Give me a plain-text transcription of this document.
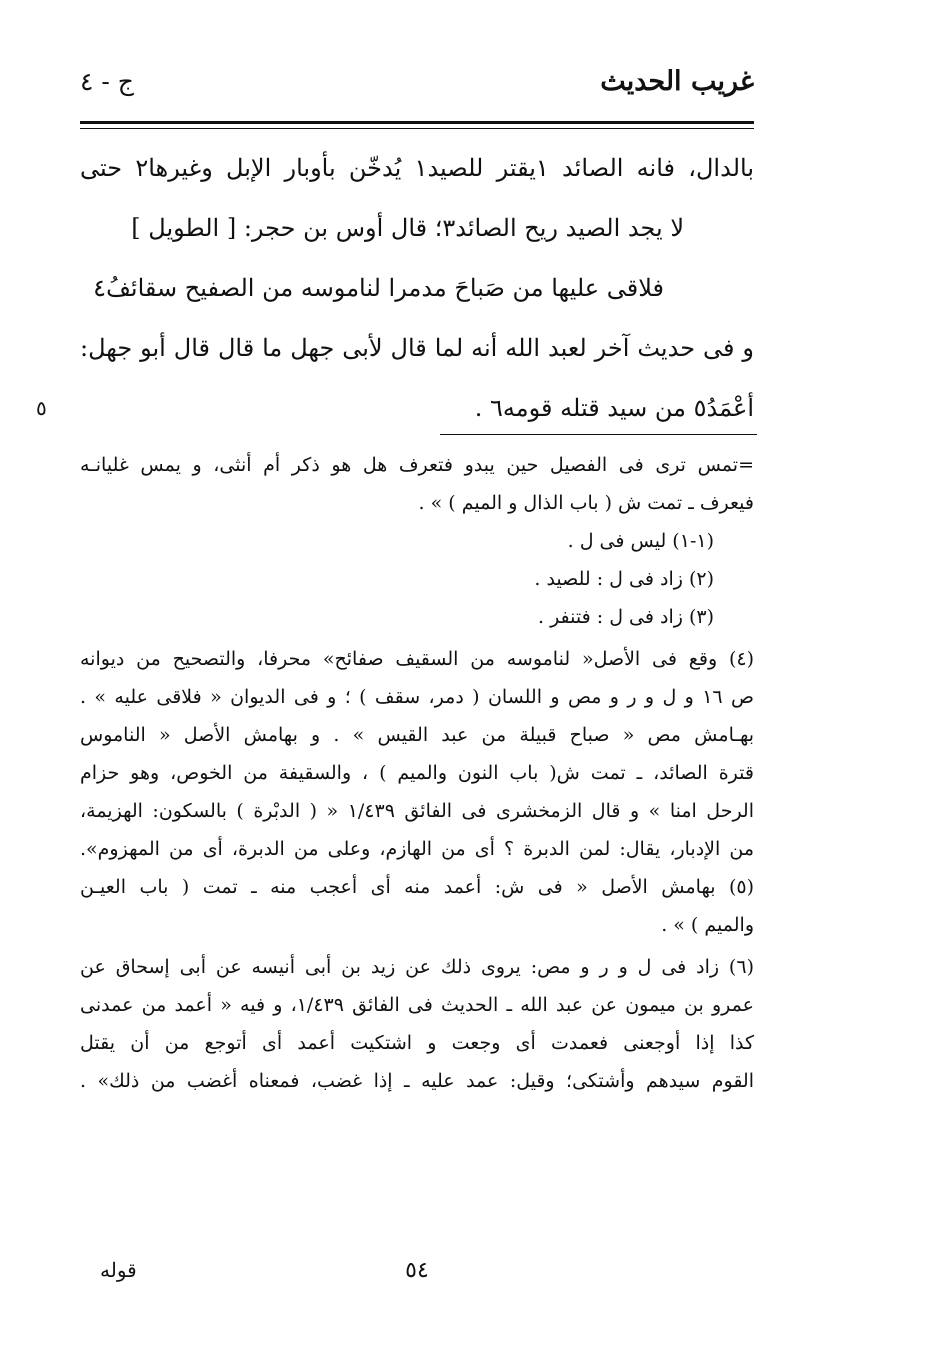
غريب الحديث
ج - ٤
بالدال، فانه الصائد ١يقتر للصيد١ يُدخّن بأوبار الإبل وغيرها٢ حتى
لا يجد الصيد ريح الصائد٣؛ قال أوس بن حجر: [ الطويل ]
فلاقى عليها من صَباحَ مدمرا لناموسه من الصفيح سقائفُ٤
و فى حديث آخر لعبد الله أنه لما قال لأبى جهل ما قال قال أبو جهل:
أعْمَدُ٥ من سيد قتله قومه٦ .
٥
=تمس ترى فى الفصيل حين يبدو فتعرف هل هو ذكر أم أنثى، و يمس غليانـه
فيعرف ـ تمت ش ( باب الذال و الميم ) » .
(١-١) ليس فى ل .
(٢) زاد فى ل : للصيد .
(٣) زاد فى ل : فتنفر .
(٤) وقع فى الأصل« لناموسه من السقيف صفائح» محرفا، والتصحيح من ديوانه
ص ١٦ و ل و ر و مص و اللسان ( دمر، سقف ) ؛ و فى الديوان « فلاقى عليه » .
بهـامش مص « صباح قبيلة من عبد القيس » . و بهامش الأصل « الناموس
قترة الصائد، ـ تمت ش( باب النون والميم ) ، والسقيفة من الخوص، وهو حزام
الرحل امنا » و قال الزمخشرى فى الفائق ١/٤٣٩ « ( الدبْرة ) بالسكون: الهزيمة،
من الإدبار، يقال: لمن الدبرة ؟ أى من الهازم، وعلى من الدبرة، أى من المهزوم».
(٥) بهامش الأصل « فى ش: أعمد منه أى أعجب منه ـ تمت ( باب العيـن
والميم ) » .
(٦) زاد فى ل و ر و مص: يروى ذلك عن زيد بن أبى أنيسه عن أبى إسحاق عن
عمرو بن ميمون عن عبد الله ـ الحديث فى الفائق ١/٤٣٩، و فيه « أعمد من عمدنى
كذا إذا أوجعنى فعمدت أى وجعت و اشتكيت أعمد أى أتوجع من أن يقتل
القوم سيدهم وأشتكى؛ وقيل: عمد عليه ـ إذا غضب، فمعناه أغضب من ذلك» .
٥٤
قوله
